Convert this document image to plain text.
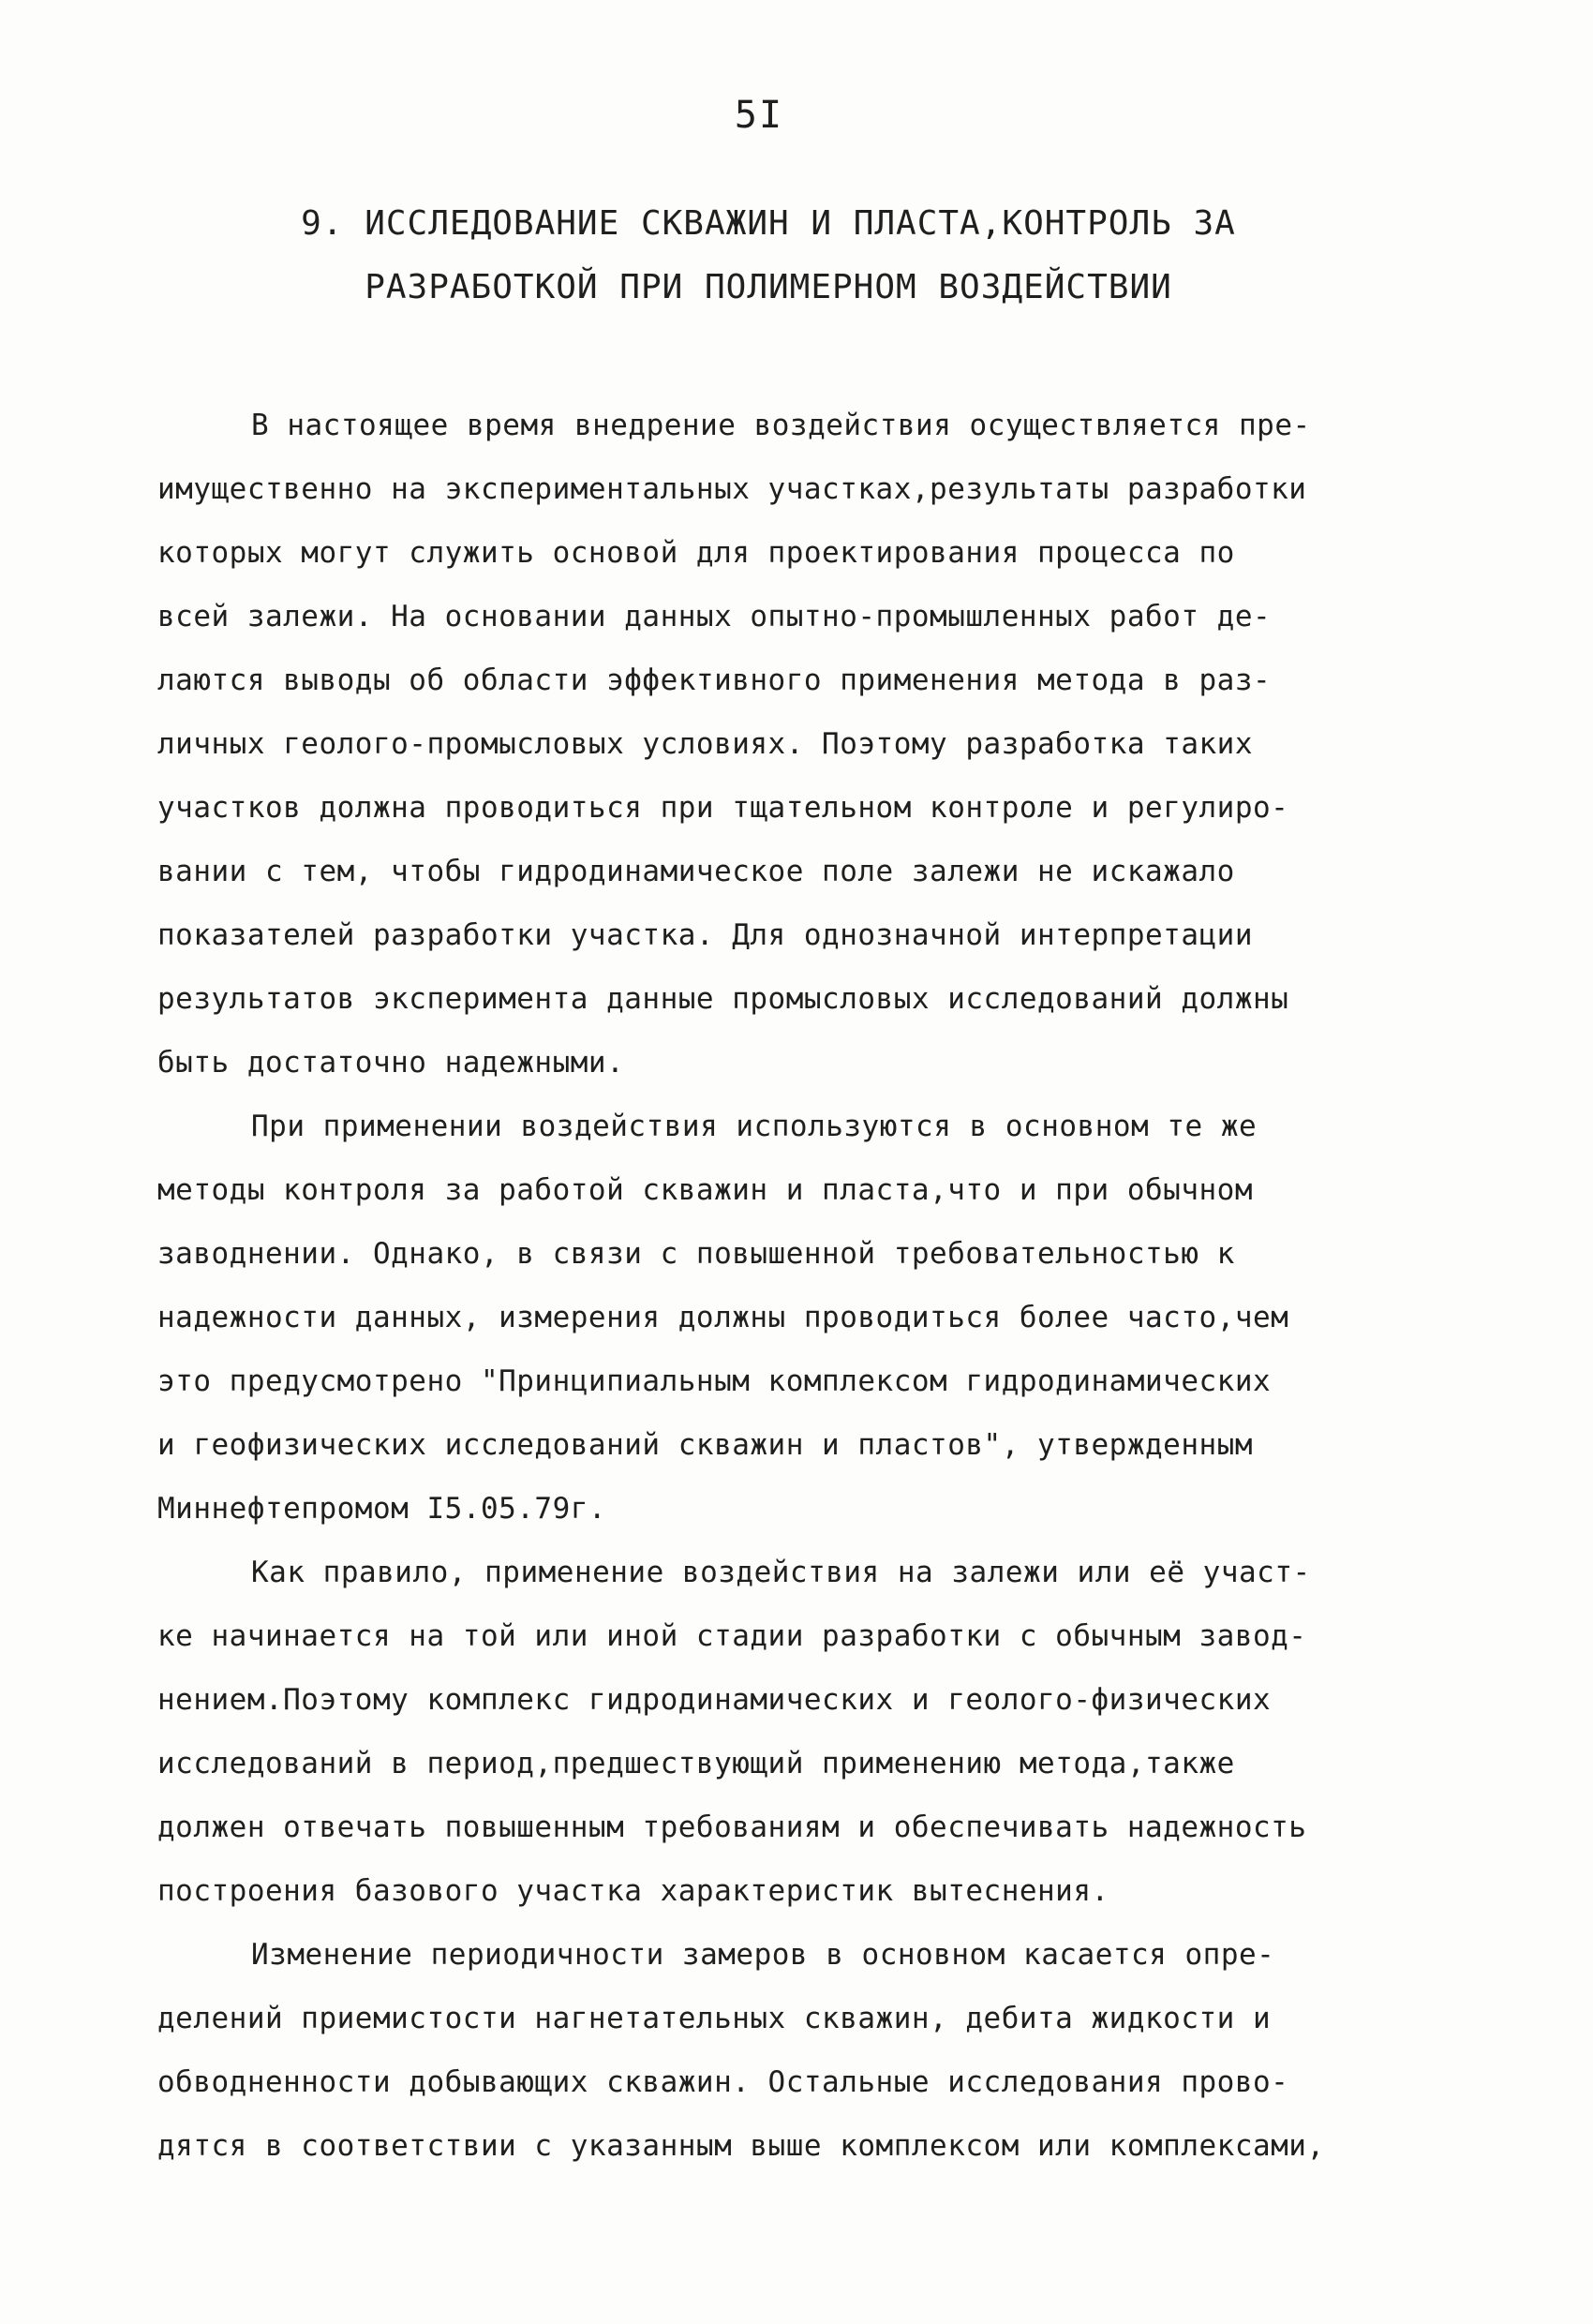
5I
9. ИССЛЕДОВАНИЕ СКВАЖИН И ПЛАСТА,КОНТРОЛЬ ЗА
РАЗРАБОТКОЙ ПРИ ПОЛИМЕРНОМ ВОЗДЕЙСТВИИ
В настоящее время внедрение воздействия осуществляется пре-
имущественно на экспериментальных участках,результаты разработки
которых могут служить основой для проектирования процесса по
всей залежи. На основании данных опытно-промышленных работ де-
лаются выводы об области эффективного применения метода в раз-
личных геолого-промысловых условиях. Поэтому разработка таких
участков должна проводиться при тщательном контроле и регулиро-
вании с тем, чтобы гидродинамическое поле залежи не искажало
показателей разработки участка. Для однозначной интерпретации
результатов эксперимента данные промысловых исследований должны
быть достаточно надежными.
При применении воздействия используются в основном те же
методы контроля за работой скважин и пласта,что и при обычном
заводнении. Однако, в связи с повышенной требовательностью к
надежности данных, измерения должны проводиться более часто,чем
это предусмотрено "Принципиальным комплексом гидродинамических
и геофизических исследований скважин и пластов", утвержденным
Миннефтепромом I5.05.79г.
Как правило, применение воздействия на залежи или её участ-
ке начинается на той или иной стадии разработки с обычным завод-
нением.Поэтому комплекс гидродинамических и геолого-физических
исследований в период,предшествующий применению метода,также
должен отвечать повышенным требованиям и обеспечивать надежность
построения базового участка характеристик вытеснения.
Изменение периодичности замеров в основном касается опре-
делений приемистости нагнетательных скважин, дебита жидкости и
обводненности добывающих скважин. Остальные исследования прово-
дятся в соответствии с указанным выше комплексом или комплексами,
